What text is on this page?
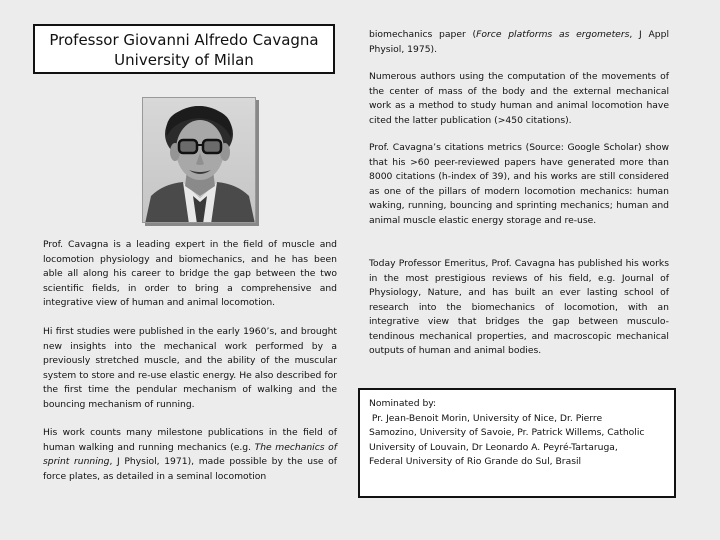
Professor Giovanni Alfredo Cavagna
University of Milan

Prof. Cavagna is a leading expert in the field of muscle and locomotion physiology and biomechanics, and he has been able all along his career to bridge the gap between the two scientific fields, in order to bring a comprehensive and integrative view of human and animal locomotion.

Hi first studies were published in the early 1960’s, and brought new insights into the mechanical work performed by a previously stretched muscle, and the ability of the muscular system to store and re-use elastic energy. He also described for the first time the pendular mechanism of walking and the bouncing mechanism of running.

His work counts many milestone publications in the field of human walking and running mechanics (e.g. The mechanics of sprint running, J Physiol, 1971), made possible by the use of force plates, as detailed in a seminal locomotion

biomechanics paper (Force platforms as ergometers, J Appl Physiol, 1975).

Numerous authors using the computation of the movements of the center of mass of the body and the external mechanical work as a method to study human and animal locomotion have cited the latter publication (>450 citations).

Prof. Cavagna’s citations metrics (Source: Google Scholar) show that his >60 peer-reviewed papers have generated more than 8000 citations (h-index of 39), and his works are still considered as one of the pillars of modern locomotion mechanics: human waking, running, bouncing and sprinting mechanics; human and animal muscle elastic energy storage and re-use.

Today Professor Emeritus, Prof. Cavagna has published his works in the most prestigious reviews of his field, e.g. Journal of Physiology, Nature, and has built an ever lasting school of research into the biomechanics of locomotion, with an integrative view that bridges the gap between musculo-tendinous mechanical properties, and macroscopic mechanical outputs of human and animal bodies.

Nominated by:

Pr. Jean-Benoit Morin, University of Nice, Dr. Pierre

Samozino, University of Savoie, Pr. Patrick Willems, Catholic

University of Louvain, Dr Leonardo A. Peyré-Tartaruga,

Federal University of Rio Grande do Sul, Brasil
